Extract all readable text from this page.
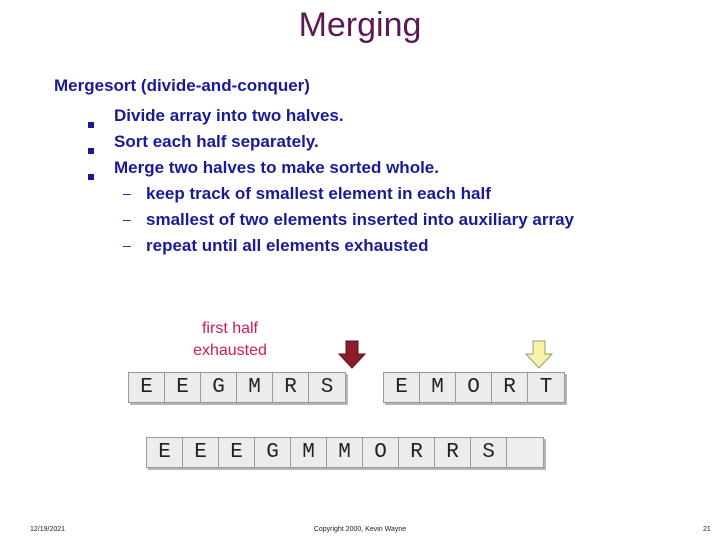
Merging
Mergesort (divide-and-conquer)
Divide array into two halves.
Sort each half separately.
Merge two halves to make sorted whole.
– keep track of smallest element in each half
– smallest of two elements inserted into auxiliary array
– repeat until all elements exhausted
first half exhausted
E	E	G	M	R	S	E	M	O	R	T
E	E	E	G	M	M	O	R	R	S
12/19/2021	Copyright 2000, Kevin Wayne	21
